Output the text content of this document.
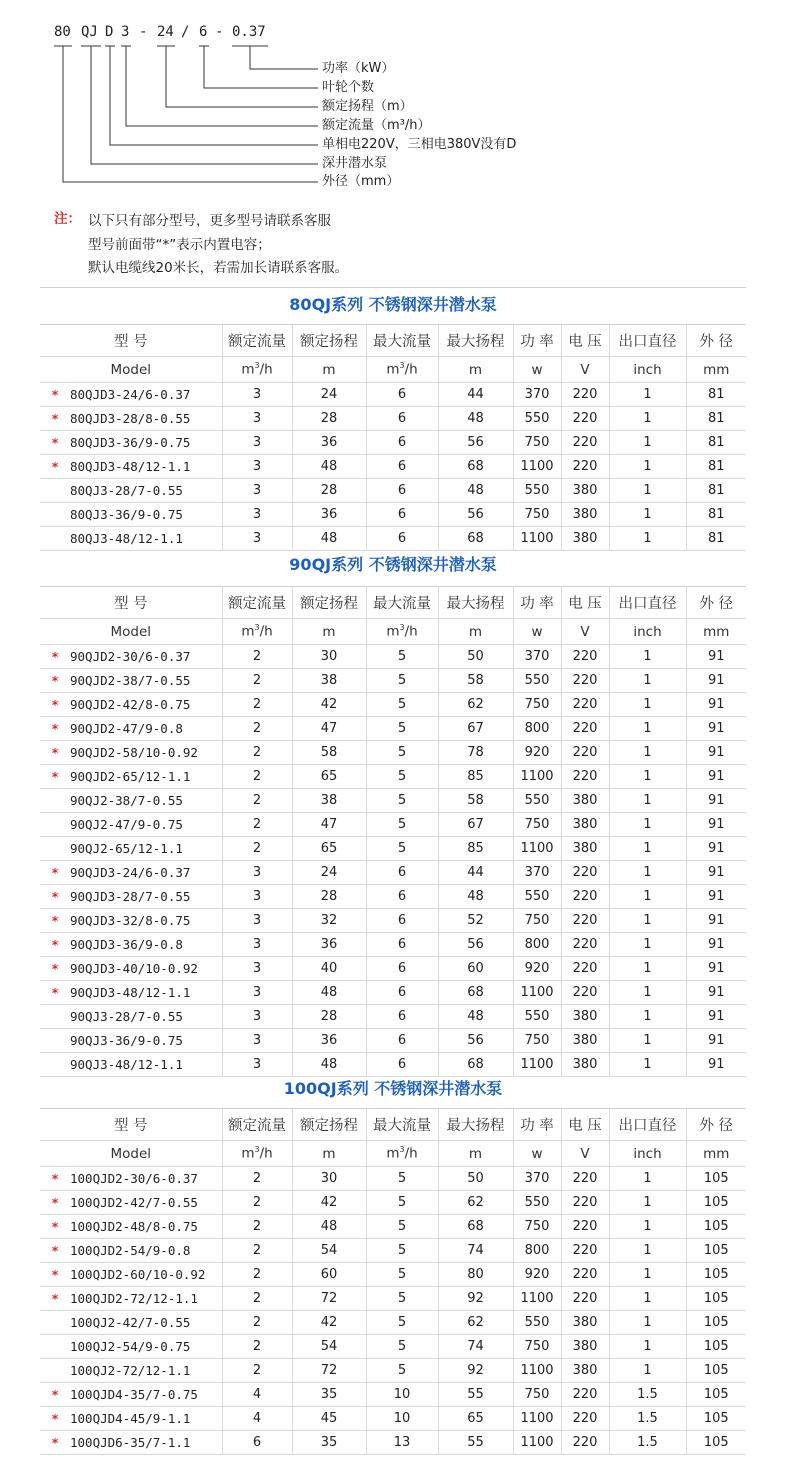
80 QJ D 3 - 24 / 6 - 0.37
功率（kW）
叶轮个数
额定扬程（m）
额定流量（m³/h）
单相电220V，三相电380V没有D
深井潜水泵
外径（mm）
注： 以下只有部分型号，更多型号请联系客服
型号前面带“*”表示内置电容；
默认电缆线20米长，若需加长请联系客服。
80QJ系列 不锈钢深井潜水泵
型 号	额定流量	额定扬程	最大流量	最大扬程	功 率	电 压	出口直径	外 径
Model	$m^3/h$	m	$m^3/h$	m	w	V	inch	mm
* 80QJD3-24/6-0.37	3	24	6	44	370	220	1	81
* 80QJD3-28/8-0.55	3	28	6	48	550	220	1	81
* 80QJD3-36/9-0.75	3	36	6	56	750	220	1	81
* 80QJD3-48/12-1.1	3	48	6	68	1100	220	1	81
80QJ3-28/7-0.55	3	28	6	48	550	380	1	81
80QJ3-36/9-0.75	3	36	6	56	750	380	1	81
80QJ3-48/12-1.1	3	48	6	68	1100	380	1	81
90QJ系列 不锈钢深井潜水泵
型 号	额定流量	额定扬程	最大流量	最大扬程	功 率	电 压	出口直径	外 径
Model	$m^3/h$	m	$m^3/h$	m	w	V	inch	mm
* 90QJD2-30/6-0.37	2	30	5	50	370	220	1	91
* 90QJD2-38/7-0.55	2	38	5	58	550	220	1	91
* 90QJD2-42/8-0.75	2	42	5	62	750	220	1	91
* 90QJD2-47/9-0.8	2	47	5	67	800	220	1	91
* 90QJD2-58/10-0.92	2	58	5	78	920	220	1	91
* 90QJD2-65/12-1.1	2	65	5	85	1100	220	1	91
90QJ2-38/7-0.55	2	38	5	58	550	380	1	91
90QJ2-47/9-0.75	2	47	5	67	750	380	1	91
90QJ2-65/12-1.1	2	65	5	85	1100	380	1	91
* 90QJD3-24/6-0.37	3	24	6	44	370	220	1	91
* 90QJD3-28/7-0.55	3	28	6	48	550	220	1	91
* 90QJD3-32/8-0.75	3	32	6	52	750	220	1	91
* 90QJD3-36/9-0.8	3	36	6	56	800	220	1	91
* 90QJD3-40/10-0.92	3	40	6	60	920	220	1	91
* 90QJD3-48/12-1.1	3	48	6	68	1100	220	1	91
90QJ3-28/7-0.55	3	28	6	48	550	380	1	91
90QJ3-36/9-0.75	3	36	6	56	750	380	1	91
90QJ3-48/12-1.1	3	48	6	68	1100	380	1	91
100QJ系列 不锈钢深井潜水泵
型 号	额定流量	额定扬程	最大流量	最大扬程	功 率	电 压	出口直径	外 径
Model	$m^3/h$	m	$m^3/h$	m	w	V	inch	mm
* 100QJD2-30/6-0.37	2	30	5	50	370	220	1	105
* 100QJD2-42/7-0.55	2	42	5	62	550	220	1	105
* 100QJD2-48/8-0.75	2	48	5	68	750	220	1	105
* 100QJD2-54/9-0.8	2	54	5	74	800	220	1	105
* 100QJD2-60/10-0.92	2	60	5	80	920	220	1	105
* 100QJD2-72/12-1.1	2	72	5	92	1100	220	1	105
100QJ2-42/7-0.55	2	42	5	62	550	380	1	105
100QJ2-54/9-0.75	2	54	5	74	750	380	1	105
100QJ2-72/12-1.1	2	72	5	92	1100	380	1	105
* 100QJD4-35/7-0.75	4	35	10	55	750	220	1.5	105
* 100QJD4-45/9-1.1	4	45	10	65	1100	220	1.5	105
* 100QJD6-35/7-1.1	6	35	13	55	1100	220	1.5	105
